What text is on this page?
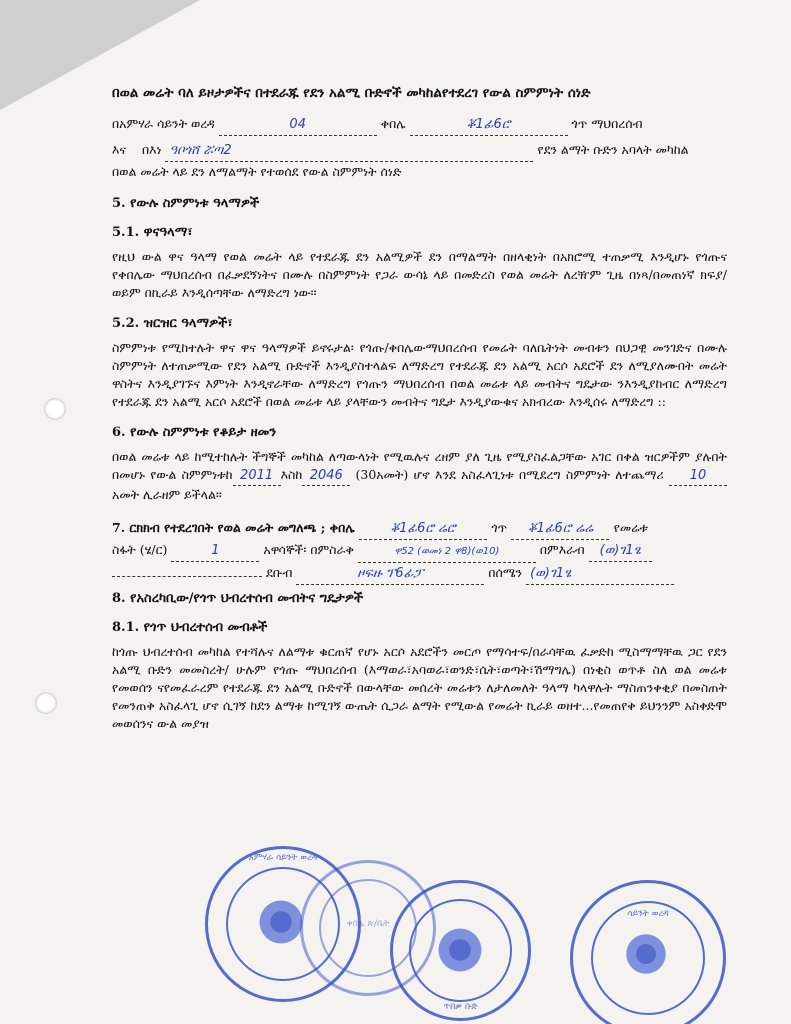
በወል መሬት ባለ ይዞታዎችና በተደራጁ የደን አልሚ ቡድኖች መካከልየተደረገ የውል ስምምነት ሰነድ
በአምሃራ ሳይንት ወረዳ	04	ቀበሌ	ቖ1ፊ6ሮ	ጎጥ ማህበረሰብ
እና በእነ ዓቦጎሸ ሯጣ2	የደን ልማት ቡድን አባላት መካከል
በወል መሬት ላይ ደን ለማልማት የተወሰደ የውል ስምምነት ሰነድ
5. የውሉ ስምምነቱ ዓላማዎች
5.1. ዋናዓላማ፣

የዚህ ውል ዋና ዓላማ የወል መሬት ላይ የተደራጁ ደን አልሚዎች ደን በማልማት በዘላቂነት በአክሮሚ ተጠቃሚ እንዲሆኑ የጎጡና የቀበሌው ማህበረሰብ በፈቃደኝነትና በሙሉ በስምምነት የጋራ ውሳኔ ላይ በመድረስ የወል መሬት ለረዥም ጊዜ በነጻ/በመጠነኛ ክፍያ/ ወይም በኪራይ እንዲሰጣቸው ለማድረግ ነው፡፡

5.2. ዝርዝር ዓላማዎች፣

ስምምነቱ የሚከተሉት ዋና ዋና ዓላማዎች ይኖሩታል፡ የጎጡ/ቀበሌውማህበረሰብ የመሬት ባለቤትነት መብቱን በህጋዊ መንገድና በሙሉ ስምምነት ለተጠቃሚው የደን አልሚ ቡድኖች እንዲያስተላልፍ ለማድረግ የተደራጁ ደን አልሚ አርሶ አደሮች ደን ለሚያለሙበት መሬት ዋስትና እንዲያገኙና እምነት እንዲኖራቸው ለማድረግ የጎጡን ማህበረሰብ በወል መሬቱ ላይ መብትና ግዴታው ንእንዲያከብር ለማድረግ የተደራጁ ደን አልሚ አርሶ አደሮች በወል መሬቱ ላይ ያላቸውን መብትና ግዴታ እንዲያውቁና አክብረው እንዲሰሩ ለማድረግ ::

6. የውሉ ስምምነቱ የቆይታ ዘመን

በወል መሬቱ ላይ ከሚተከሉት ችግኞች መካከል ለጣውላነት የሚዉሉና ረዘም ያለ ጊዜ የሚያስፈልጋቸው አገር በቀል ዝርዎችም ያሉበት በመሆኑ የውል ስምምነቱከ 2011 እስከ 2046 (30አመት) ሆኖ እንደ አስፈላጊነቱ በሚደረግ ስምምነት ለተጨማሪ 10 አመት ሊራዘም ይችላል፡፡

7. ርክክብ የተደረገበት የወል መሬት መግለጫ ; ቀበሌ	ቖ1ፊ6ሮ ሬሮ	ጎጥ ቖ1ፊ6ሮ ሬሬ የመሬቱ
ስፋት (ሄ/ር)	1	አዋሳኞች፡ በምስራቅ	ዋ52 (ወመነ 2 ዋ8)(ወ10)	በምእራብ (ወ)ገ1ፄ
ደቡብ	ዞፍዙ ፕ6ፊፓ	በሰሜን (ወ)ገ1ፄ
8. የአስረካቢው/የጎጥ ህብረተሰብ መብትና ግዴታዎች
8.1. የጎጥ ህብረተሰብ መብቶች

ከጎጡ ህብረተሰብ መካከል የተሻሉና ለልማቱ ቁርጠኛ የሆኑ አርሶ አደሮችን መርጦ የማሳተፍ/በራሳቸዉ ፈቃድከ ሚስማማቸዉ ጋር የደን አልሚ ቡድን መመስረት/ ሁሉም የጎጡ ማህበረሰብ (እማወራ፣አባወራ፣ወንድ፣ሴት፣ወጣት፣ሽማግሌ) በነቂስ ወጥቶ ስለ ወል መሬቱ የመወሰን ናየመፈራረም የተደራጁ ደን አልሚ ቡድኖች በውላቸው መሰረት መሬቱን ለታለመለት ዓላማ ካላዋሉት ማስጠንቀቂያ በመስጠት የመንጠቅ አስፈላጊ ሆኖ ሲገኝ ከደን ልማቱ ከሚገኝ ውጤት ሲጋራ ልማት የሚውል የመሬት ኪራይ ወዘተ...የመጠየቅ ይህንንም አስቀድሞ መወሰንና ውል መያዝ

አምሃራ ሳይንት ወረዳ
ቀበሌ ጽ/ቤት
ጥበቃ ቡድ
ሳይንት ወረዳ
